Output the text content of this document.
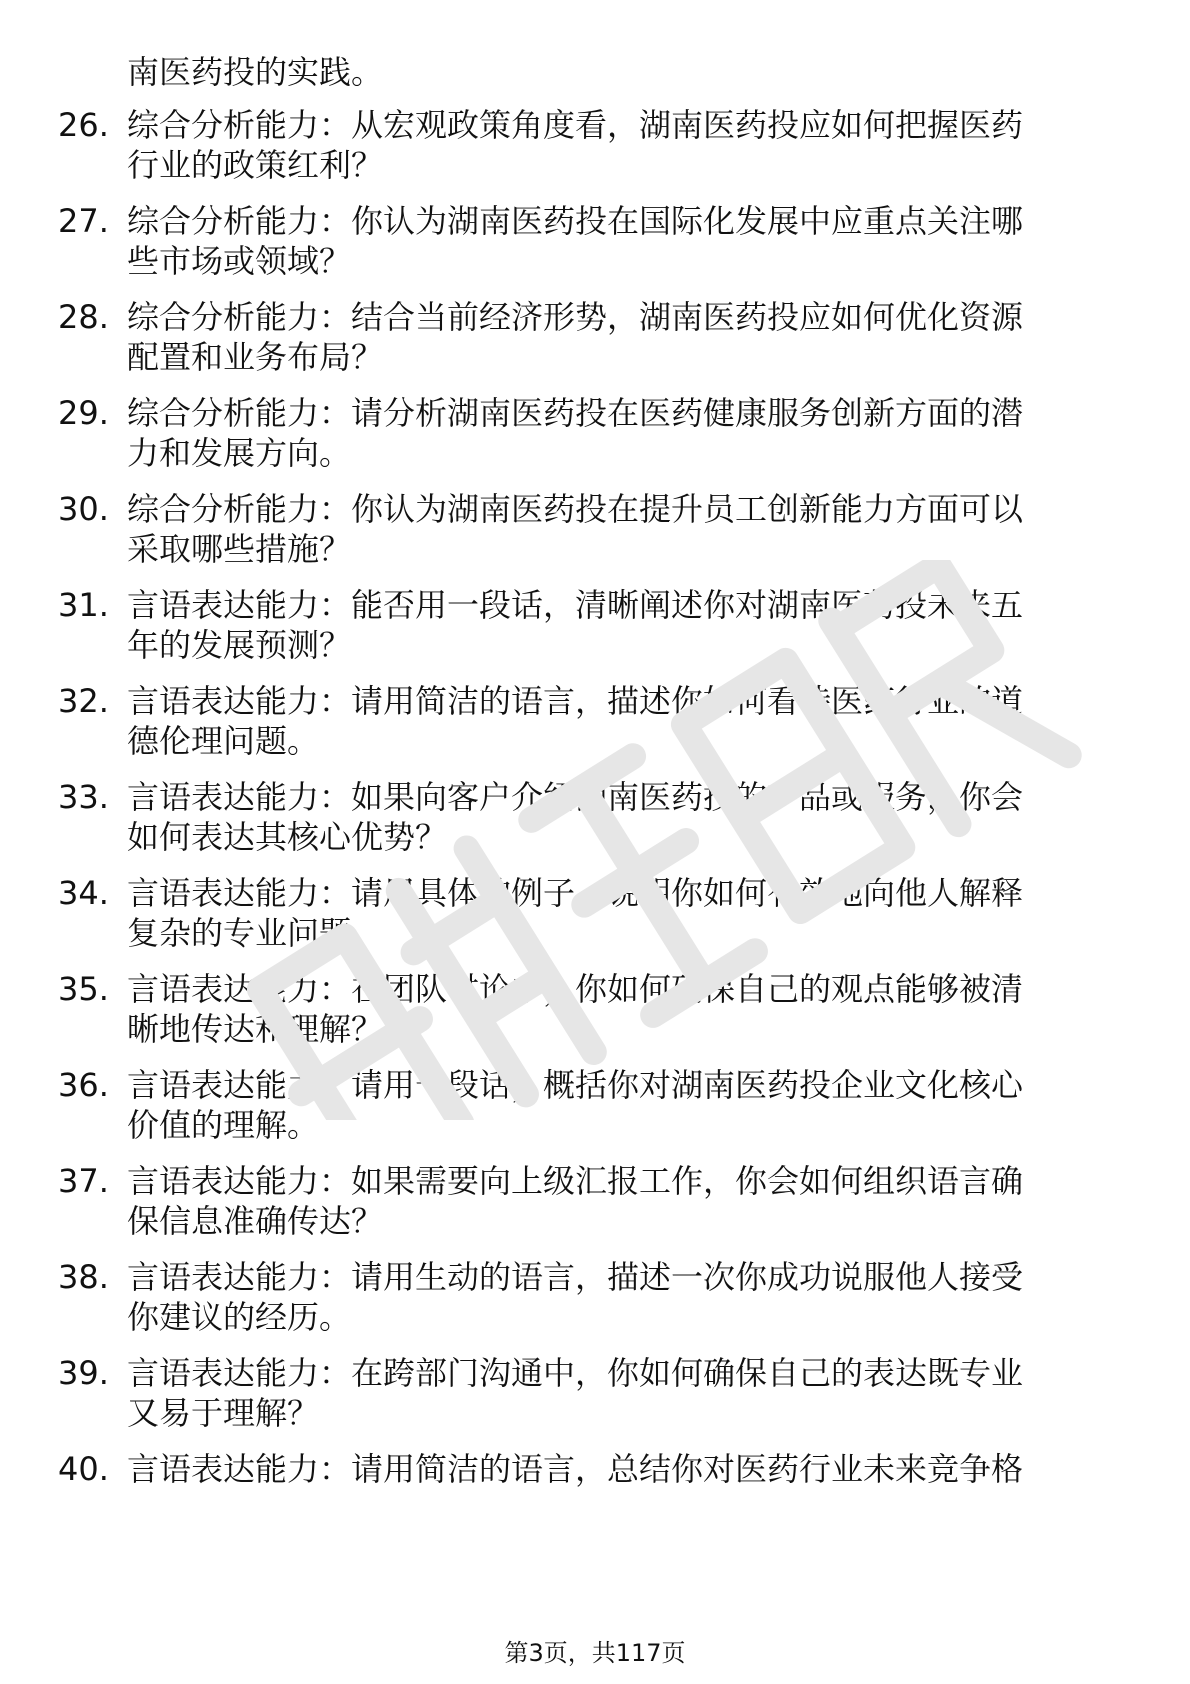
南医药投的实践。
26. 综合分析能力：从宏观政策角度看，湖南医药投应如何把握医药
行业的政策红利？
27. 综合分析能力：你认为湖南医药投在国际化发展中应重点关注哪
些市场或领域？
28. 综合分析能力：结合当前经济形势，湖南医药投应如何优化资源
配置和业务布局？
29. 综合分析能力：请分析湖南医药投在医药健康服务创新方面的潜
力和发展方向。
30. 综合分析能力：你认为湖南医药投在提升员工创新能力方面可以
采取哪些措施？
31. 言语表达能力：能否用一段话，清晰阐述你对湖南医药投未来五
年的发展预测？
32. 言语表达能力：请用简洁的语言，描述你如何看待医药行业的道
德伦理问题。
33. 言语表达能力：如果向客户介绍湖南医药投的产品或服务，你会
如何表达其核心优势？
34. 言语表达能力：请用具体的例子，说明你如何有效地向他人解释
复杂的专业问题。
35. 言语表达能力：在团队讨论中，你如何确保自己的观点能够被清
晰地传达和理解？
36. 言语表达能力：请用一段话，概括你对湖南医药投企业文化核心
价值的理解。
37. 言语表达能力：如果需要向上级汇报工作，你会如何组织语言确
保信息准确传达？
38. 言语表达能力：请用生动的语言，描述一次你成功说服他人接受
你建议的经历。
39. 言语表达能力：在跨部门沟通中，你如何确保自己的表达既专业
又易于理解？
40. 言语表达能力：请用简洁的语言，总结你对医药行业未来竞争格
第3页，共117页
